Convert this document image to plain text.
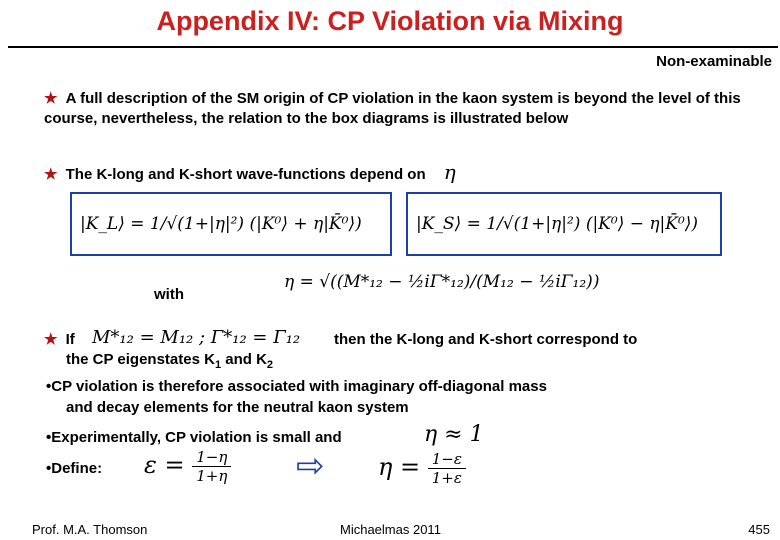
Appendix IV: CP Violation via Mixing
Non-examinable
★ A full description of the SM origin of CP violation in the kaon system is beyond the level of this course, nevertheless, the relation to the box diagrams is illustrated below
★ The K-long and K-short wave-functions depend on η
|K_L⟩ = 1/√(1+|η|²) (|K⁰⟩ + η|K̄⁰⟩)	|K_S⟩ = 1/√(1+|η|²) (|K⁰⟩ − η|K̄⁰⟩)
with
η = √((M*₁₂ − ½iΓ*₁₂)/(M₁₂ − ½iΓ₁₂))
★ If M*₁₂ = M₁₂ ; Γ*₁₂ = Γ₁₂ then the K-long and K-short correspond to
the CP eigenstates $K_1$ and $K_2$
•CP violation is therefore associated with imaginary off-diagonal mass
and decay elements for the neutral kaon system
•Experimentally, CP violation is small and	η ≈ 1
•Define: $\varepsilon = \frac{1-\eta}{1+\eta}$ ⇨ $\eta = \frac{1-\varepsilon}{1+\varepsilon}$
Prof. M.A. Thomson	Michaelmas 2011	455
